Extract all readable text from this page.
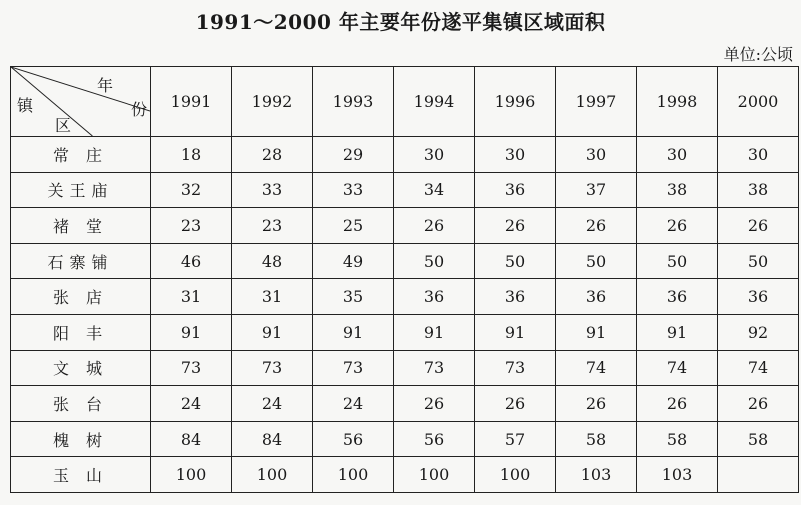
1991～2000 年主要年份遂平集镇区域面积
单位:公顷
年
份
镇
区	1991	1992	1993	1994	1996	1997	1998	2000
常 庄	18	28	29	30	30	30	30	30
关王庙	32	33	33	34	36	37	38	38
褚 堂	23	23	25	26	26	26	26	26
石寨铺	46	48	49	50	50	50	50	50
张 店	31	31	35	36	36	36	36	36
阳 丰	91	91	91	91	91	91	91	92
文 城	73	73	73	73	73	74	74	74
张 台	24	24	24	26	26	26	26	26
槐 树	84	84	56	56	57	58	58	58
玉 山	100	100	100	100	100	103	103	
